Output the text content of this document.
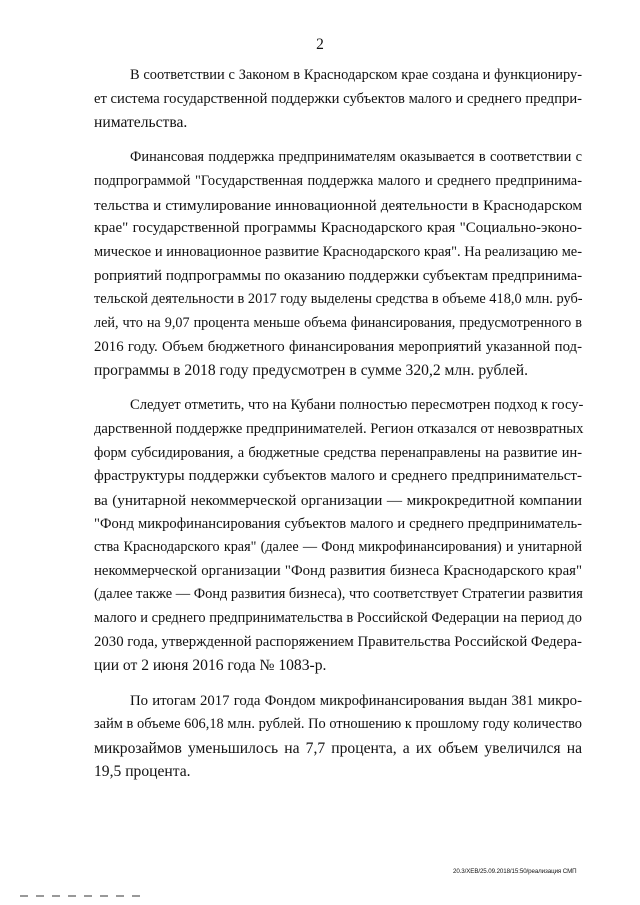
2
В соответствии с Законом в Краснодарском крае создана и функциониру-
ет система государственной поддержки субъектов малого и среднего предпри-
нимательства.
Финансовая поддержка предпринимателям оказывается в соответствии с
подпрограммой "Государственная поддержка малого и среднего предпринима-
тельства и стимулирование инновационной деятельности в Краснодарском
крае" государственной программы Краснодарского края "Социально-эконо-
мическое и инновационное развитие Краснодарского края". На реализацию ме-
роприятий подпрограммы по оказанию поддержки субъектам предпринима-
тельской деятельности в 2017 году выделены средства в объеме 418,0 млн. руб-
лей, что на 9,07 процента меньше объема финансирования, предусмотренного в
2016 году. Объем бюджетного финансирования мероприятий указанной под-
программы в 2018 году предусмотрен в сумме 320,2 млн. рублей.
Следует отметить, что на Кубани полностью пересмотрен подход к госу-
дарственной поддержке предпринимателей. Регион отказался от невозвратных
форм субсидирования, а бюджетные средства перенаправлены на развитие ин-
фраструктуры поддержки субъектов малого и среднего предпринимательст-
ва (унитарной некоммерческой организации — микрокредитной компании
"Фонд микрофинансирования субъектов малого и среднего предприниматель-
ства Краснодарского края" (далее — Фонд микрофинансирования) и унитарной
некоммерческой организации "Фонд развития бизнеса Краснодарского края"
(далее также — Фонд развития бизнеса), что соответствует Стратегии развития
малого и среднего предпринимательства в Российской Федерации на период до
2030 года, утвержденной распоряжением Правительства Российской Федера-
ции от 2 июня 2016 года № 1083-р.
По итогам 2017 года Фондом микрофинансирования выдан 381 микро-
займ в объеме 606,18 млн. рублей. По отношению к прошлому году количество
микрозаймов уменьшилось на 7,7 процента, а их объем увеличился на
19,5 процента.
20.3/ХЕВ/25.09.2018/15:50/реализация СМП
